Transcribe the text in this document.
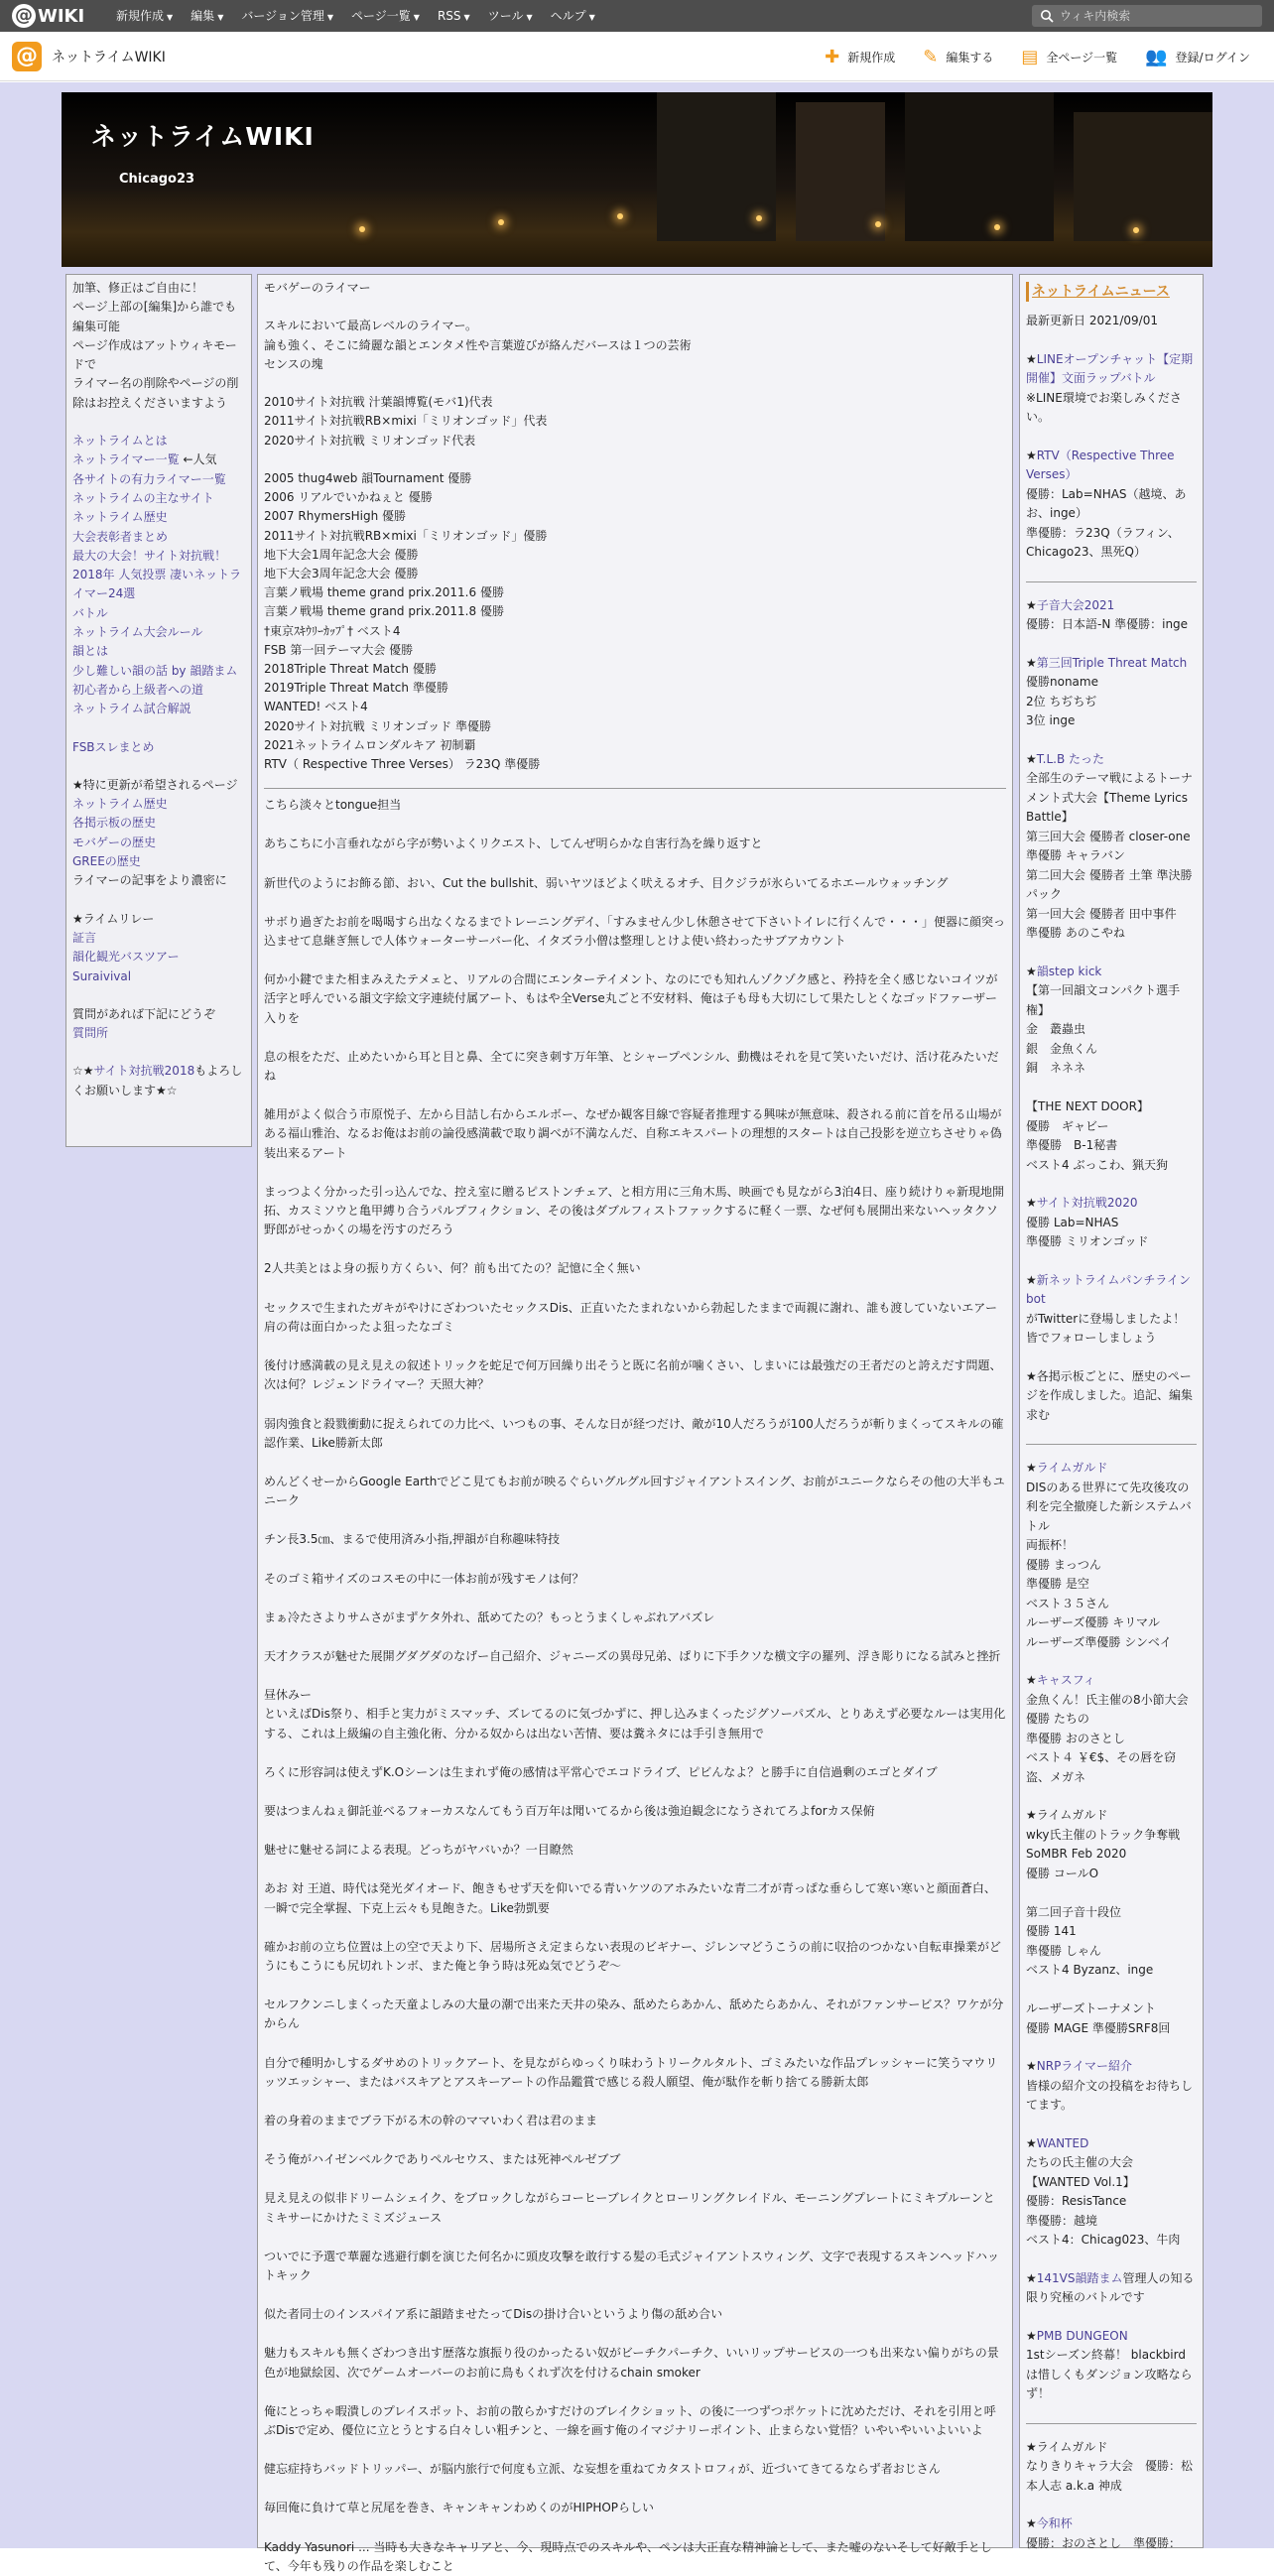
@ WIKI	新規作成 ▼	編集 ▼	バージョン管理 ▼	ページ一覧 ▼	RSS ▼	ツール ▼	ヘルプ ▼
ウィキ内検索
@ ネットライムWIKI	✚ 新規作成 ✎ 編集する ▤ 全ページ一覧 👥 登録/ログイン
ネットライムWIKI
Chicago23

加筆、修正はご自由に！

ページ上部の[編集]から誰でも編集可能

ページ作成はアットウィキモードで

ライマー名の削除やページの削除はお控えくださいますよう

ネットライムとは

ネットライマー一覧 ←人気

各サイトの有力ライマー一覧

ネットライムの主なサイト

ネットライム歴史

大会表彰者まとめ

最大の大会！サイト対抗戦！

2018年 人気投票 凄いネットライマー24選

バトル

ネットライム大会ルール

韻とは

少し難しい韻の話 by 韻踏まム

初心者から上級者への道

ネットライム試合解説

FSBスレまとめ

★特に更新が希望されるページ

ネットライム歴史

各掲示板の歴史

モバゲーの歴史

GREEの歴史

ライマーの記事をより濃密に

★ライムリレー

証言

韻化観光バスツアー

Suraivival

質問があれば下記にどうぞ

質問所

☆★サイト対抗戦2018もよろしくお願いします★☆

モバゲーのライマー
スキルにおいて最高レベルのライマー。
論も強く、そこに綺麗な韻とエンタメ性や言葉遊びが絡んだバースは１つの芸術
センスの塊
2010サイト対抗戦 汁葉韻博覧(モバ1)代表
2011サイト対抗戦RB×mixi「ミリオンゴッド」代表
2020サイト対抗戦 ミリオンゴッド代表
2005 thug4web 韻Tournament 優勝
2006 リアルでいかねぇと 優勝
2007 RhymersHigh 優勝
2011サイト対抗戦RB×mixi「ミリオンゴッド」優勝
地下大会1周年記念大会 優勝
地下大会3周年記念大会 優勝
言葉ノ戦場 theme grand prix.2011.6 優勝
言葉ノ戦場 theme grand prix.2011.8 優勝
†東京ｽｷｳﾘｰｶｯﾌﾟ† ベスト4
FSB 第一回テーマ大会 優勝
2018Triple Threat Match 優勝
2019Triple Threat Match 準優勝
WANTED! ベスト4
2020サイト対抗戦 ミリオンゴッド 準優勝
2021ネットライムロンダルキア 初制覇
RTV（ Respective Three Verses） ラ23Q 準優勝
こちら淡々とtongue担当
あちこちに小言垂れながら字が勢いよくリクエスト、してんぜ明らかな自害行為を繰り返すと
新世代のようにお飾る節、おい、Cut the bullshit、弱いヤツほどよく吠えるオチ、目クジラが氷らいてるホエールウォッチング
サボり過ぎたお前を喝喝すら出なくなるまでトレーニングデイ、「すみません少し休憩させて下さいトイレに行くんで・・・」便器に顔突っ込ませて息継ぎ無しで人体ウォーターサーバー化、イタズラ小僧は整理しとけよ使い終わったサブアカウント
何か小鍵でまた相まみえたテメェと、リアルの合間にエンターテイメント、なのにでも知れんゾクゾク感と、矜持を全く感じないコイツが活字と呼んでいる韻文字絵文字連続付属アート、もはや全Verse丸ごと不安材料、俺は子も母も大切にして果たしとくなゴッドファーザー入りを
息の根をただ、止めたいから耳と目と鼻、全てに突き刺す万年筆、とシャープペンシル、動機はそれを見て笑いたいだけ、活け花みたいだね
雑用がよく似合う市原悦子、左から目詰し右からエルボー、なぜか観客目線で容疑者推理する興味が無意味、殺される前に首を吊る山場がある福山雅治、なるお俺はお前の論役感満載で取り調べが不満なんだ、自称エキスパートの理想的スタートは自己投影を逆立ちさせりゃ偽装出来るアート
まっつよく分かった引っ込んでな、控え室に贈るピストンチェア、と相方用に三角木馬、映画でも見ながら3泊4日、座り続けりゃ新現地開拓、カスミソウと亀甲縛り合うパルプフィクション、その後はダブルフィストファックするに軽く一票、なぜ何も展開出来ないヘッタクソ野郎がせっかくの場を汚すのだろう
2人共美とはよ身の振り方くらい、何？前も出てたの？記憶に全く無い
セックスで生まれたガキがやけにざわついたセックスDis、正直いたたまれないから勃起したままで両親に謝れ、誰も渡していないエアー肩の荷は面白かったよ狙ったなゴミ
後付け感満載の見え見えの叙述トリックを蛇足で何万回繰り出そうと既に名前が噛くさい、しまいには最強だの王者だのと誇えだす問題、次は何？レジェンドライマー？天照大神？
弱肉強食と殺戮衝動に捉えられての力比べ、いつもの事、そんな日が経つだけ、敵が10人だろうが100人だろうが斬りまくってスキルの確認作業、Like勝新太郎
めんどくせーからGoogle Earthでどこ見てもお前が映るぐらいグルグル回すジャイアントスイング、お前がユニークならその他の大半もユニーク
チン長3.5㎝、まるで使用済み小指,押韻が自称趣味特技
そのゴミ箱サイズのコスモの中に一体お前が残すモノは何？
まぁ冷たさよりサムさがまずケタ外れ、舐めてたの？もっとうまくしゃぶれアバズレ
天才クラスが魅せた展開グダグダのなげー自己紹介、ジャニーズの異母兄弟、ぱりに下手クソな横文字の羅列、浮き彫りになる試みと挫折
昼休みー
といえばDis祭り、相手と実力がミスマッチ、ズレてるのに気づかずに、押し込みまくったジグソーパズル、とりあえず必要なルーは実用化する、これは上級編の自主強化術、分かる奴からは出ない苦情、要は糞ネタには手引き無用で
ろくに形容詞は使えずK.Oシーンは生まれず俺の感情は平常心でエコドライブ、ピビんなよ？と勝手に自信過剰のエゴとダイブ
要はつまんねぇ御託並べるフォーカスなんてもう百万年は聞いてるから後は強迫観念になうされてろよforカス保俯
魅せに魅せる詞による表現。どっちがヤバいか？一目瞭然
あお 対 王道、時代は発光ダイオード、飽きもせず天を仰いでる青いケツのアホみたいな青二才が青っぱな垂らして寒い寒いと顔面蒼白、一瞬で完全掌握、下克上云々も見飽きた。Like勃凱要
確かお前の立ち位置は上の空で天より下、居場所さえ定まらない表現のビギナー、ジレンマどうこうの前に収拾のつかない自転車操業がどうにもこうにも尻切れトンボ、また俺と争う時は死ぬ気でどうぞ～
セルフクンニしまくった天童よしみの大量の潮で出来た天井の染み、舐めたらあかん、舐めたらあかん、それがファンサービス？ワケが分からん
自分で種明かしするダサめのトリックアート、を見ながらゆっくり味わうトリークルタルト、ゴミみたいな作品プレッシャーに笑うマウリッツエッシャー、またはバスキアとアスキーアートの作品鑑賞で感じる殺人願望、俺が駄作を斬り捨てる勝新太郎
着の身着のままでブラ下がる木の幹のママいわく君は君のまま
そう俺がハイゼンベルクでありペルセウス、または死神ペルゼブブ
見え見えの似非ドリームシェイク、をブロックしながらコーヒーブレイクとローリングクレイドル、モーニングプレートにミキプルーンとミキサーにかけたミミズジュース
ついでに予選で華麗な逃避行劇を演じた何名かに頭皮攻撃を敢行する髪の毛式ジャイアントスウィング、文字で表現するスキンヘッドハットキック
似た者同士のインスパイア系に韻踏ませたってDisの掛け合いというより傷の舐め合い
魅力もスキルも無くざわつき出す歴落な旗振り役のかったるい奴がビーチクパーチク、いいリップサービスの一つも出来ない偏りがちの景色が地獄絵図、次でゲームオーバーのお前に鳥もくれず次を付けるchain smoker
俺にとっちゃ暇潰しのプレイスポット、お前の散らかすだけのブレイクショット、の後に一つずつポケットに沈めただけ、それを引用と呼ぶDisで定め、優位に立とうとする白々しい粗チンと、一線を画す俺のイマジナリーポイント、止まらない覚悟？いやいやいいよいいよ
健忘症持ちバッドトリッパー、が脳内旅行で何度も立派、な妄想を重ねてカタストロフィが、近づいてきてるならず者おじさん
毎回俺に負けて草と尻尾を巻き、キャンキャンわめくのがHIPHOPらしい
Kaddy Yasunori ... 当時も大きなキャリアと、今、現時点でのスキルや、ペンは大正直な精神論として、また嘘のないそして好敵手として、今年も残りの作品を楽しむこと
ネットライムニュース
最新更新日 2021/09/01
★LINEオープンチャット【定期開催】文面ラップバトル
※LINE環境でお楽しみください。
★RTV（Respective Three Verses）
優勝：Lab=NHAS（越境、あお、inge）
準優勝：ラ23Q（ラフィン、Chicago23、黒死Q）
★子音大会2021
優勝：日本語-N 準優勝：inge
★第三回Triple Threat Match優勝noname
2位 ちぢちぢ
3位 inge
★T.L.B たった
全部生のテーマ戦によるトーナメント式大会【Theme Lyrics Battle】
第三回大会 優勝者 closer-one
準優勝 キャラバン
第二回大会 優勝者 土筆 準決勝 パック
第一回大会 優勝者 田中事件
準優勝 あのこやね
★韻step kick
【第一回韻文コンパクト選手権】
金　叢蟲虫
銀　金魚くん
銅　ネネネ

【THE NEXT DOOR】
優勝　ギャビー
準優勝　B-1秘書
ベスト4 ぶっこわ、猟天狗
★サイト対抗戦2020
優勝 Lab=NHAS
準優勝 ミリオンゴッド
★新ネットライムパンチラインbot
がTwitterに登場しましたよ！皆でフォローしましょう
★各掲示板ごとに、歴史のページを作成しました。追記、編集求む
★ライムガルド
DISのある世界にて先攻後攻の利を完全撤廃した新システムバトル
両振杯！
優勝 まっつん
準優勝 是空
ベスト３５さん
ルーザーズ優勝 キリマル
ルーザーズ準優勝 シンベイ
★キャスフィ
金魚くん！氏主催の8小節大会
優勝 たちの
準優勝 おのさとし
ベスト４ ￥€$、その唇を窃盗、メガネ
★ライムガルド
wky氏主催のトラック争奪戦SoMBR Feb 2020
優勝 コールO

第二回子音十段位
優勝 141
準優勝 しゃん
ベスト4 Byzanz、inge

ルーザーズトーナメント
優勝 MAGE 準優勝SRF8回
★NRPライマー紹介
皆様の紹介文の投稿をお待ちしてます。
★WANTED
たちの氏主催の大会
【WANTED Vol.1】
優勝：ResisTance
準優勝：越境
ベスト4：Chicag023、牛肉
★141VS韻踏まム管理人の知る限り究極のバトルです
★PMB DUNGEON
1stシーズン終幕！ blackbird は惜しくもダンジョン攻略ならず！
★ライムガルド
なりきりキャラ大会　優勝：松本人志 a.k.a 神成
★今和杯
優勝：おのさとし　準優勝：
